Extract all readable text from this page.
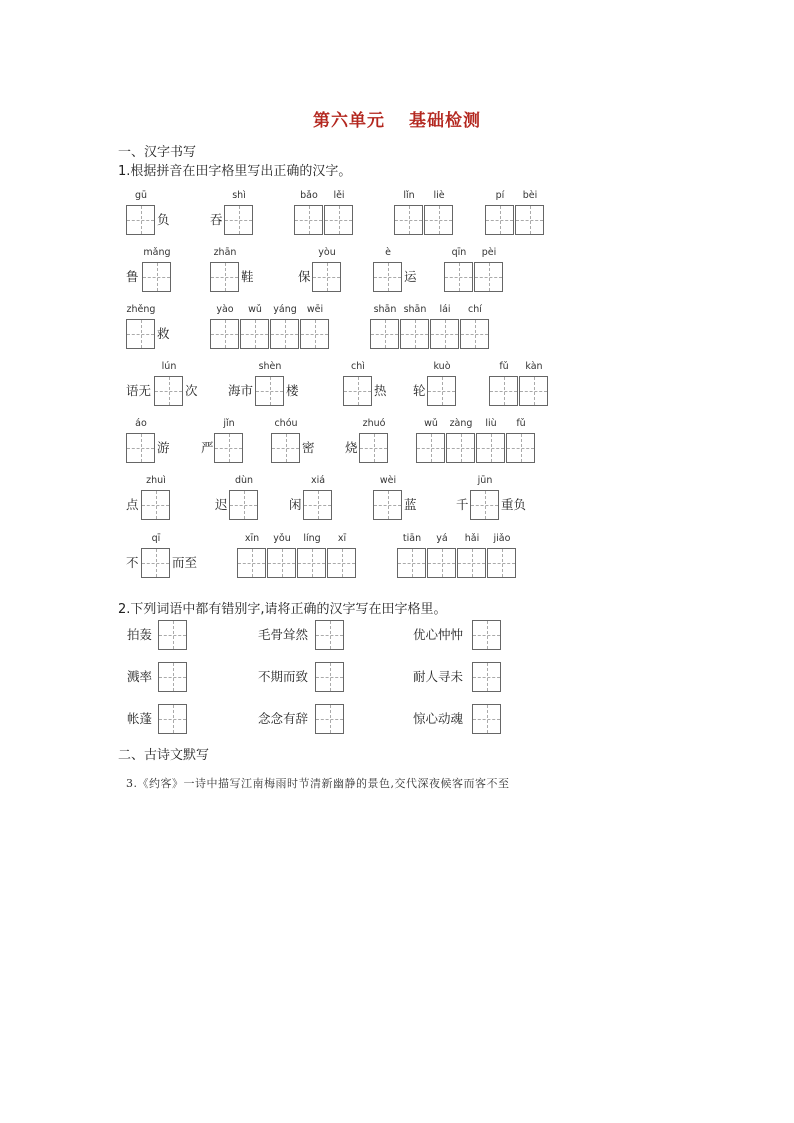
第六单元 基础检测
一、汉字书写
1.根据拼音在田字格里写出正确的汉字。
gū	shì	bǎo	lěi	lǐn	liè	pí	bèi
负	吞
mǎng	zhān	yòu	è	qīn	pèi
鲁	鞋	保	运
zhěng	yào	wǔ	yáng	wēi	shān shān	lái	chí
救
lún	shèn	chì	kuò	fǔ	kàn
语无	次 海市	楼	热 轮
áo	jǐn	chóu	zhuó	wǔ	zàng	liù	fǔ
游	严	密 烧
zhuì	dùn	xiá	wèi	jūn
点	迟	闲	蓝	千	重负
qī	xīn	yǒu	líng	xī	tiān	yá	hǎi	jiǎo
不	而至
2.下列词语中都有错别字,请将正确的汉字写在田字格里。
拍轰	毛骨耸然	优心忡忡
溅率	不期而致	耐人寻未
帐蓬	念念有辞	惊心动魂
二、古诗文默写
3.《约客》一诗中描写江南梅雨时节清新幽静的景色,交代深夜候客而客不至
